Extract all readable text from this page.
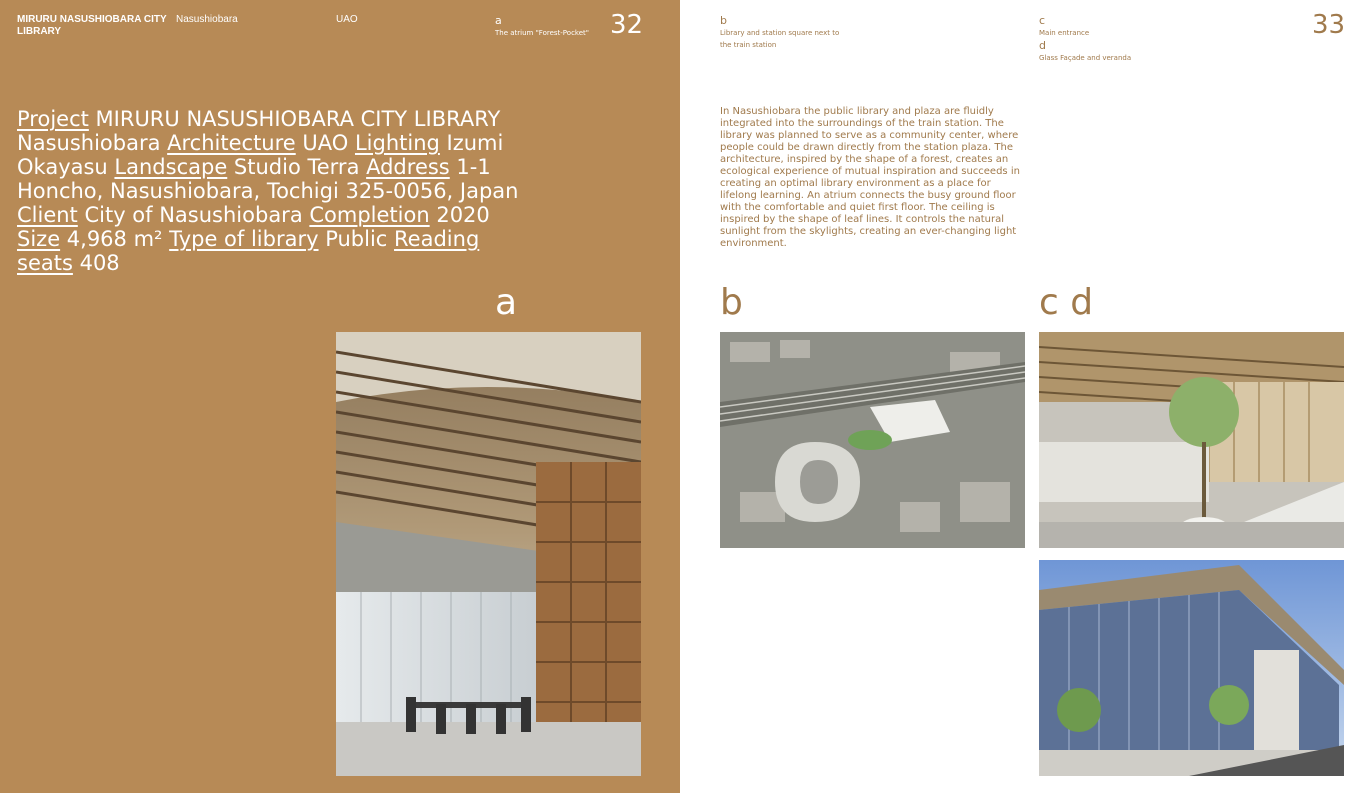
MIRURU NASUSHIOBARA CITY LIBRARY
Nasushiobara	UAO	a
The atrium "Forest-Pocket" 32

Project MIRURU NASUSHIOBARA CITY LIBRARY Nasushiobara Architecture UAO Lighting Izumi Okayasu Landscape Studio Terra Address 1-1 Honcho, Nasushiobara, Tochigi 325-0056, Japan Client City of Nasushiobara Completion 2020 Size 4,968 m² Type of library Public Reading seats 408

a
b
Library and station square next to the train station
c
Main entrance
d
Glass Façade and veranda
33

In Nasushiobara the public library and plaza are fluidly integrated into the surroundings of the train station. The library was planned to serve as a community center, where people could be drawn directly from the station plaza. The architecture, inspired by the shape of a forest, creates an ecological experience of mutual inspiration and succeeds in creating an optimal library environment as a place for lifelong learning. An atrium connects the busy ground floor with the comfortable and quiet first floor. The ceiling is inspired by the shape of leaf lines. It controls the natural sunlight from the skylights, creating an ever-changing light environment.

b	c d
